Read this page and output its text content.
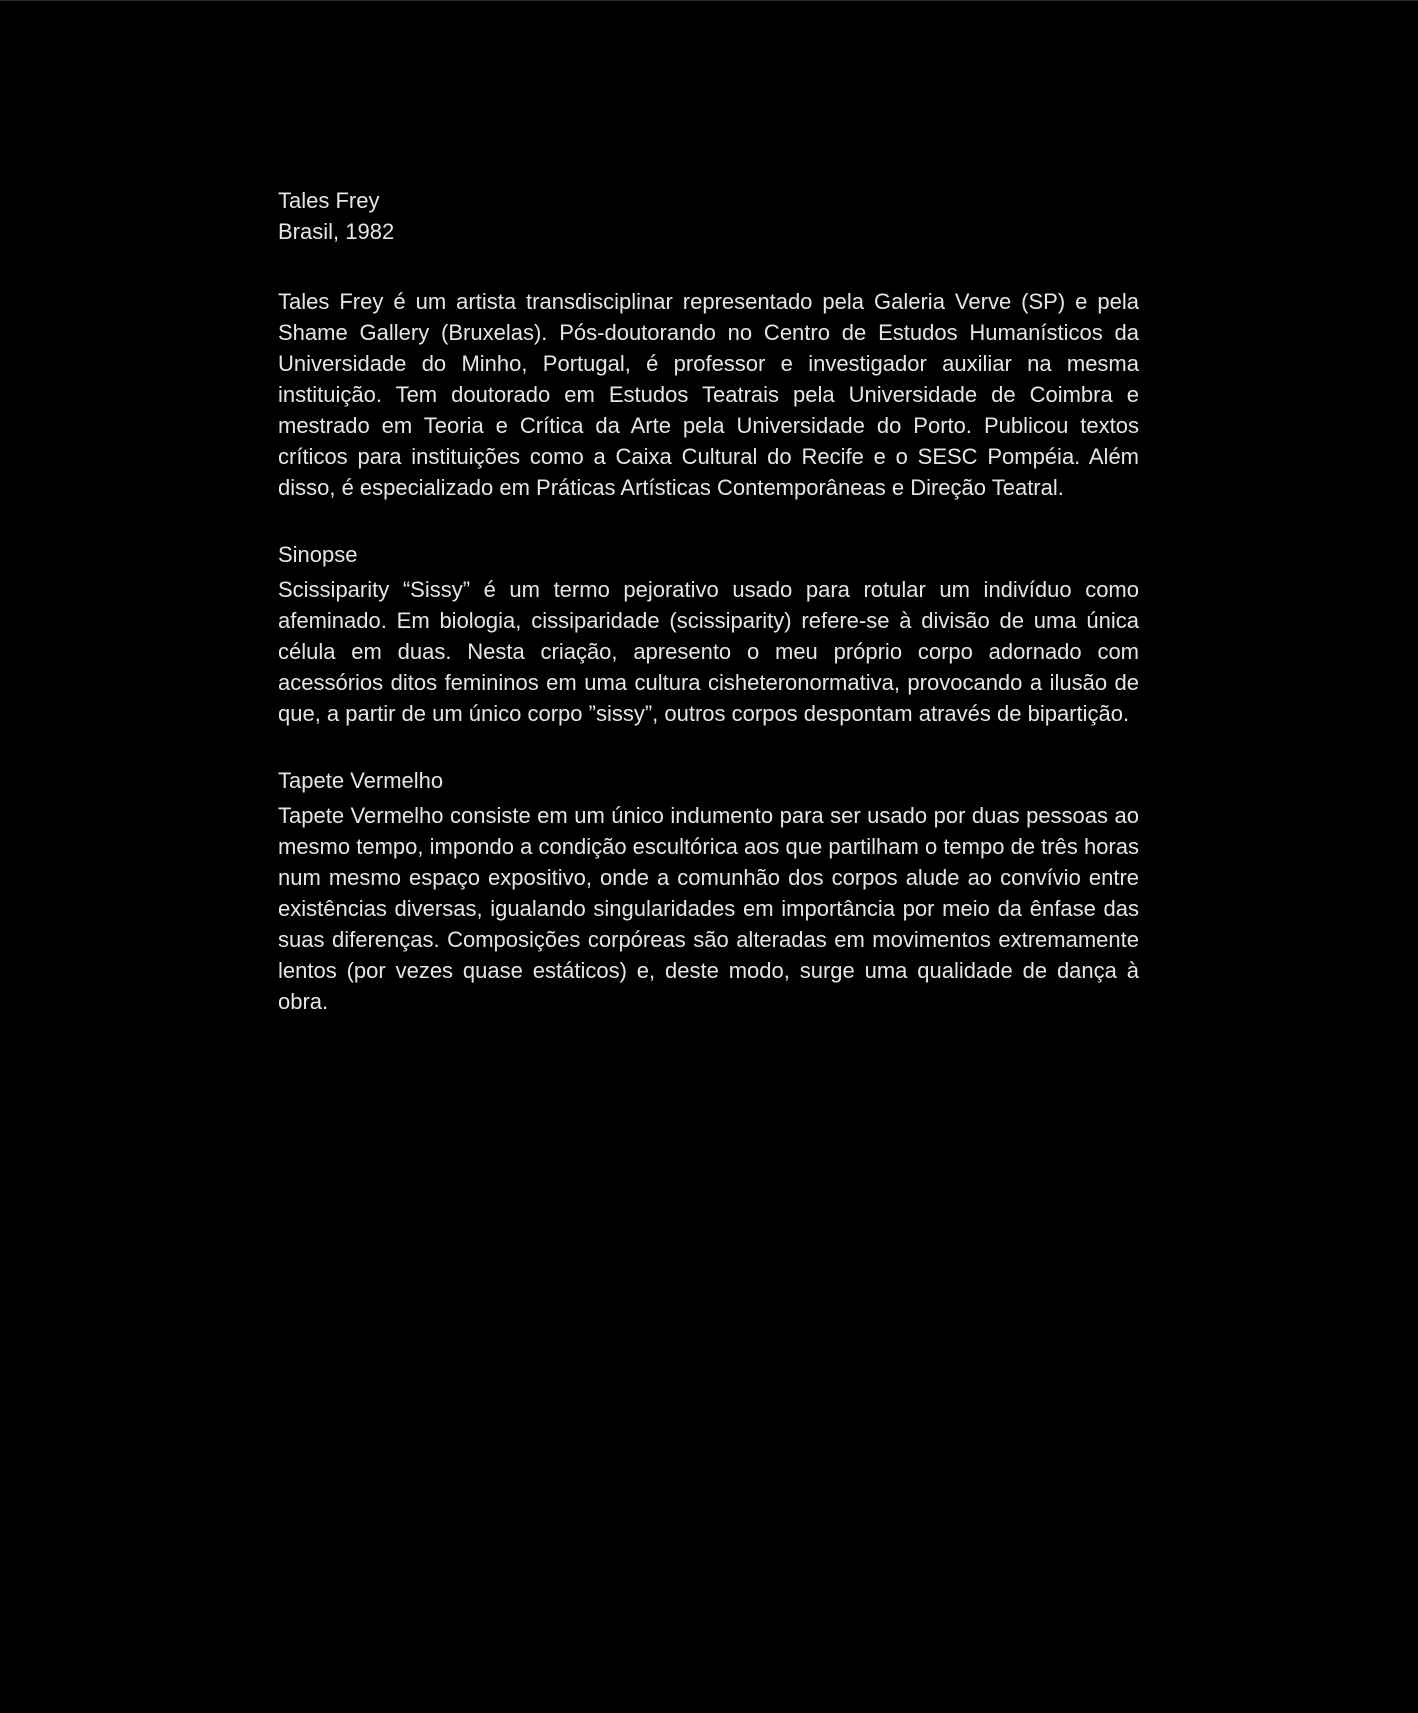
Tales Frey
Brasil, 1982

Tales Frey é um artista transdisciplinar representado pela Galeria Verve (SP) e pela Shame Gallery (Bruxelas). Pós-doutorando no Centro de Estudos Humanísticos da Universidade do Minho, Portugal, é professor e investigador auxiliar na mesma instituição. Tem doutorado em Estudos Teatrais pela Universidade de Coimbra e mestrado em Teoria e Crítica da Arte pela Universidade do Porto. Publicou textos críticos para instituições como a Caixa Cultural do Recife e o SESC Pompéia. Além disso, é especializado em Práticas Artísticas Contemporâneas e Direção Teatral.

Sinopse

Scissiparity “Sissy” é um termo pejorativo usado para rotular um indivíduo como afeminado. Em biologia, cissiparidade (scissiparity) refere-se à divisão de uma única célula em duas. Nesta criação, apresento o meu próprio corpo adornado com acessórios ditos femininos em uma cultura cisheteronormativa, provocando a ilusão de que, a partir de um único corpo ”sissy”, outros corpos despontam através de bipartição.

Tapete Vermelho

Tapete Vermelho consiste em um único indumento para ser usado por duas pessoas ao mesmo tempo, impondo a condição escultórica aos que partilham o tempo de três horas num mesmo espaço expositivo, onde a comunhão dos corpos alude ao convívio entre existências diversas, igualando singularidades em importância por meio da ênfase das suas diferenças. Composições corpóreas são alteradas em movimentos extremamente lentos (por vezes quase estáticos) e, deste modo, surge uma qualidade de dança à obra.
